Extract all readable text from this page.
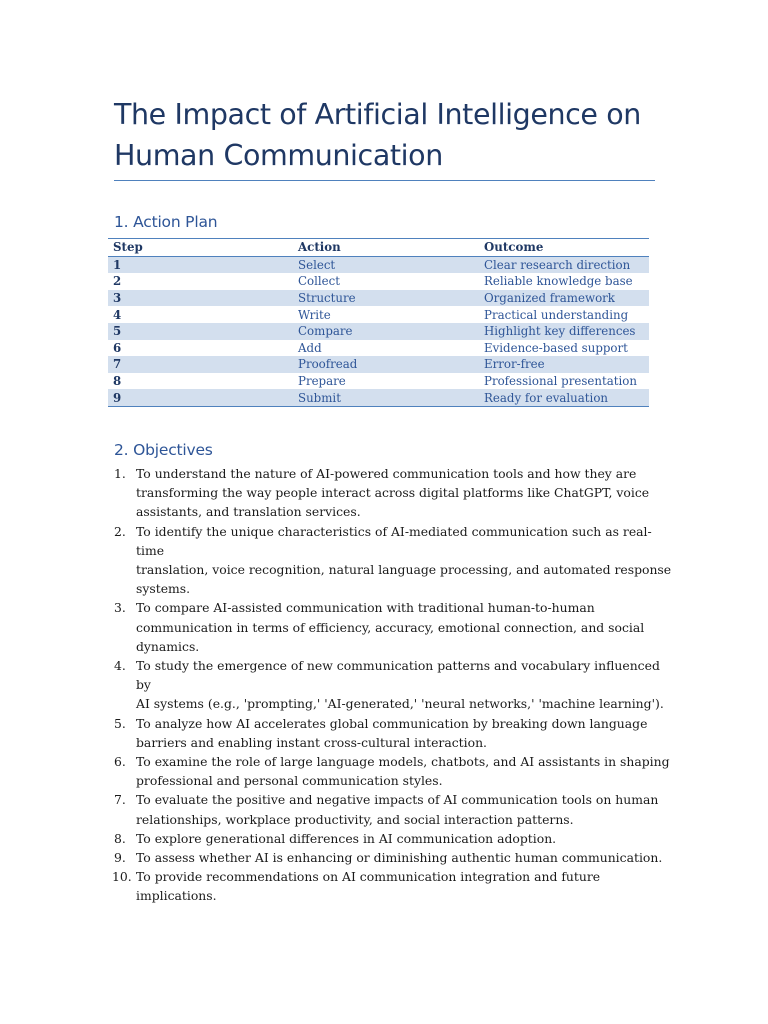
The Impact of Artificial Intelligence on Human Communication
1. Action Plan
Step	Action	Outcome
1	Select	Clear research direction
2	Collect	Reliable knowledge base
3	Structure	Organized framework
4	Write	Practical understanding
5	Compare	Highlight key differences
6	Add	Evidence-based support
7	Proofread	Error-free
8	Prepare	Professional presentation
9	Submit	Ready for evaluation
2. Objectives
1. To understand the nature of AI-powered communication tools and how they are
transforming the way people interact across digital platforms like ChatGPT, voice
assistants, and translation services.
2. To identify the unique characteristics of AI-mediated communication such as real-time
translation, voice recognition, natural language processing, and automated response
systems.
3. To compare AI-assisted communication with traditional human-to-human
communication in terms of efficiency, accuracy, emotional connection, and social
dynamics.
4. To study the emergence of new communication patterns and vocabulary influenced by
AI systems (e.g., 'prompting,' 'AI-generated,' 'neural networks,' 'machine learning').
5. To analyze how AI accelerates global communication by breaking down language
barriers and enabling instant cross-cultural interaction.
6. To examine the role of large language models, chatbots, and AI assistants in shaping
professional and personal communication styles.
7. To evaluate the positive and negative impacts of AI communication tools on human
relationships, workplace productivity, and social interaction patterns.
8. To explore generational differences in AI communication adoption.
9. To assess whether AI is enhancing or diminishing authentic human communication.
10. To provide recommendations on AI communication integration and future implications.
